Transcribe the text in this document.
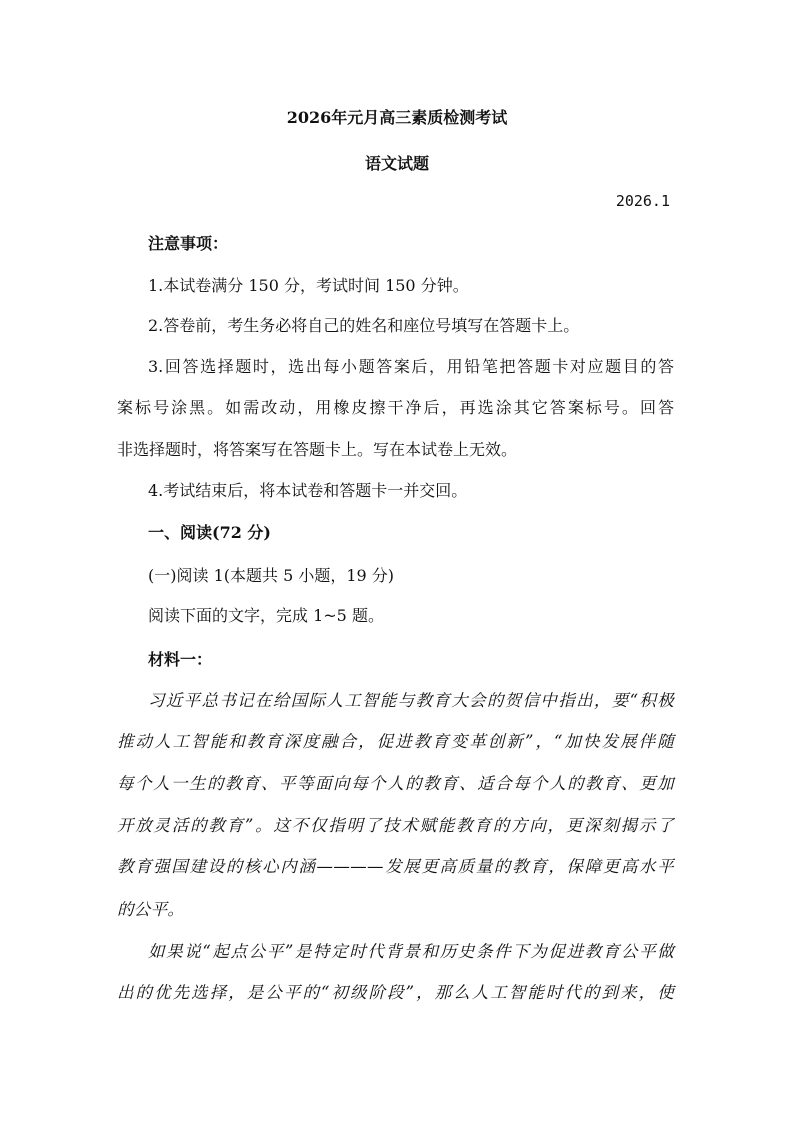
2026年元月高三素质检测考试
语文试题
2026.1
注意事项：
1.本试卷满分 150 分，考试时间 150 分钟。
2.答卷前，考生务必将自己的姓名和座位号填写在答题卡上。
3.回答选择题时，选出每小题答案后，用铅笔把答题卡对应题目的答
案标号涂黑。如需改动，用橡皮擦干净后，再选涂其它答案标号。回答
非选择题时，将答案写在答题卡上。写在本试卷上无效。
4.考试结束后，将本试卷和答题卡一并交回。
一、阅读(72 分)
(一)阅读 1(本题共 5 小题，19 分)
阅读下面的文字，完成 1~5 题。
材料一：
习近平总书记在给国际人工智能与教育大会的贺信中指出，要“积极
推动人工智能和教育深度融合，促进教育变革创新”，“加快发展伴随
每个人一生的教育、平等面向每个人的教育、适合每个人的教育、更加
开放灵活的教育”。这不仅指明了技术赋能教育的方向，更深刻揭示了
教育强国建设的核心内涵————发展更高质量的教育，保障更高水平
的公平。
如果说“起点公平”是特定时代背景和历史条件下为促进教育公平做
出的优先选择，是公平的“初级阶段”，那么人工智能时代的到来，使
